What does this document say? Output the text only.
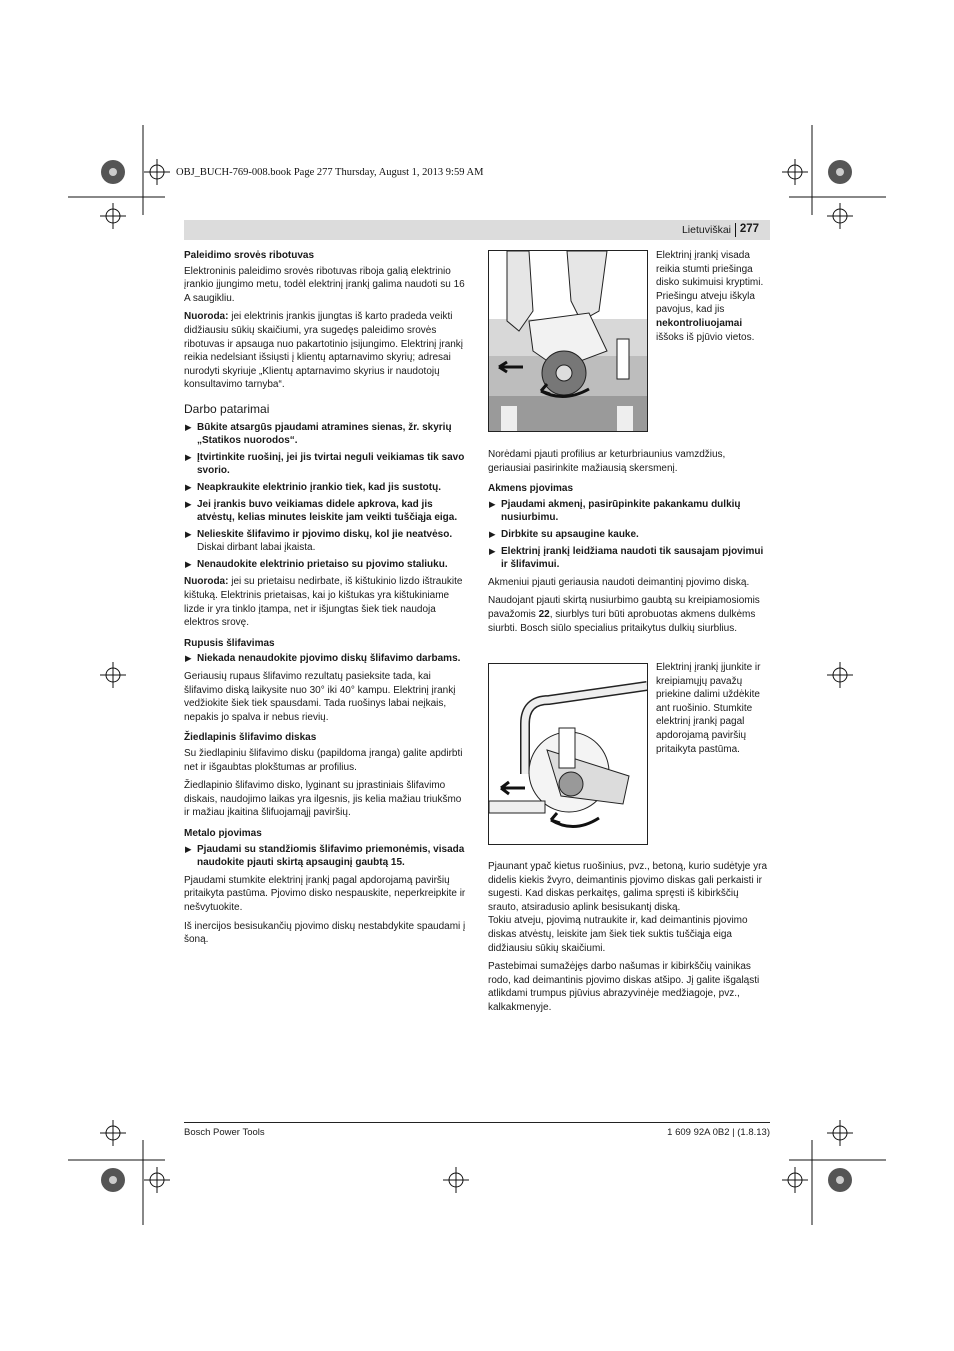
OBJ_BUCH-769-008.book Page 277 Thursday, August 1, 2013 9:59 AM
Lietuviškai 277
Paleidimo srovės ribotuvas

Elektroninis paleidimo srovės ribotuvas riboja galią elektrinio įrankio įjungimo metu, todėl elektrinį įrankį galima naudoti su 16 A saugikliu.

Nuoroda: jei elektrinis įrankis įjungtas iš karto pradeda veikti didžiausiu sūkių skaičiumi, yra sugedęs paleidimo srovės ribotuvas ir apsauga nuo pakartotinio įsijungimo. Elektrinį įrankį reikia nedelsiant išsiųsti į klientų aptarnavimo skyrių; adresai nurodyti skyriuje „Klientų aptarnavimo skyrius ir naudotojų konsultavimo tarnyba“.

Darbo patarimai
▶ Būkite atsargūs pjaudami atramines sienas, žr. skyrių „Statikos nuorodos“.
▶ Įtvirtinkite ruošinį, jei jis tvirtai neguli veikiamas tik savo svorio.
▶ Neapkraukite elektrinio įrankio tiek, kad jis sustotų.
▶ Jei įrankis buvo veikiamas didele apkrova, kad jis atvėstų, kelias minutes leiskite jam veikti tuščiąja eiga.
▶ Nelieskite šlifavimo ir pjovimo diskų, kol jie neatvėso.
Diskai dirbant labai įkaista.
▶ Nenaudokite elektrinio prietaiso su pjovimo staliuku.

Nuoroda: jei su prietaisu nedirbate, iš kištukinio lizdo ištraukite kištuką. Elektrinis prietaisas, kai jo kištukas yra kištukiniame lizde ir yra tinklo įtampa, net ir išjungtas šiek tiek naudoja elektros srovę.

Rupusis šlifavimas
▶ Niekada nenaudokite pjovimo diskų šlifavimo darbams.

Geriausių rupaus šlifavimo rezultatų pasieksite tada, kai šlifavimo diską laikysite nuo 30° iki 40° kampu. Elektrinį įrankį vedžiokite šiek tiek spausdami. Tada ruošinys labai neįkais, nepakis jo spalva ir nebus rievių.

Žiedlapinis šlifavimo diskas

Su žiedlapiniu šlifavimo disku (papildoma įranga) galite apdirbti net ir išgaubtas plokštumas ar profilius.

Žiedlapinio šlifavimo disko, lyginant su įprastiniais šlifavimo diskais, naudojimo laikas yra ilgesnis, jis kelia mažiau triukšmo ir mažiau įkaitina šlifuojamąjį paviršių.

Metalo pjovimas
▶ Pjaudami su standžiomis šlifavimo priemonėmis, visada naudokite pjauti skirtą apsauginį gaubtą 15.

Pjaudami stumkite elektrinį įrankį pagal apdorojamą paviršių pritaikyta pastūma. Pjovimo disko nespauskite, neperkreipkite ir nešvytuokite.

Iš inercijos besisukančių pjovimo diskų nestabdykite spaudami į šoną.

Elektrinį įrankį visada reikia stumti priešinga disko sukimuisi kryptimi. Priešingu atveju iškyla pavojus, kad jis nekontroliuojamai iššoks iš pjūvio vietos.

Norėdami pjauti profilius ar keturbriaunius vamzdžius, geriausiai pasirinkite mažiausią skersmenį.

Akmens pjovimas
▶ Pjaudami akmenį, pasirūpinkite pakankamu dulkių nusiurbimu.
▶ Dirbkite su apsaugine kauke.
▶ Elektrinį įrankį leidžiama naudoti tik sausajam pjovimui ir šlifavimui.

Akmeniui pjauti geriausia naudoti deimantinį pjovimo diską.

Naudojant pjauti skirtą nusiurbimo gaubtą su kreipiamosiomis pavažomis 22, siurblys turi būti aprobuotas akmens dulkėms siurbti. Bosch siūlo specialius pritaikytus dulkių siurblius.

Elektrinį įrankį įjunkite ir kreipiamųjų pavažų priekine dalimi uždėkite ant ruošinio. Stumkite elektrinį įrankį pagal apdorojamą paviršių pritaikyta pastūma.

Pjaunant ypač kietus ruošinius, pvz., betoną, kurio sudėtyje yra didelis kiekis žvyro, deimantinis pjovimo diskas gali perkaisti ir sugesti. Kad diskas perkaitęs, galima spręsti iš kibirkščių srauto, atsiradusio aplink besisukantį diską.

Tokiu atveju, pjovimą nutraukite ir, kad deimantinis pjovimo diskas atvėstų, leiskite jam šiek tiek suktis tuščiąja eiga didžiausiu sūkių skaičiumi.

Pastebimai sumažėjęs darbo našumas ir kibirkščių vainikas rodo, kad deimantinis pjovimo diskas atšipo. Jį galite išgaląsti atlikdami trumpus pjūvius abrazyvinėje medžiagoje, pvz., kalkakmenyje.

Bosch Power Tools	1 609 92A 0B2 | (1.8.13)
